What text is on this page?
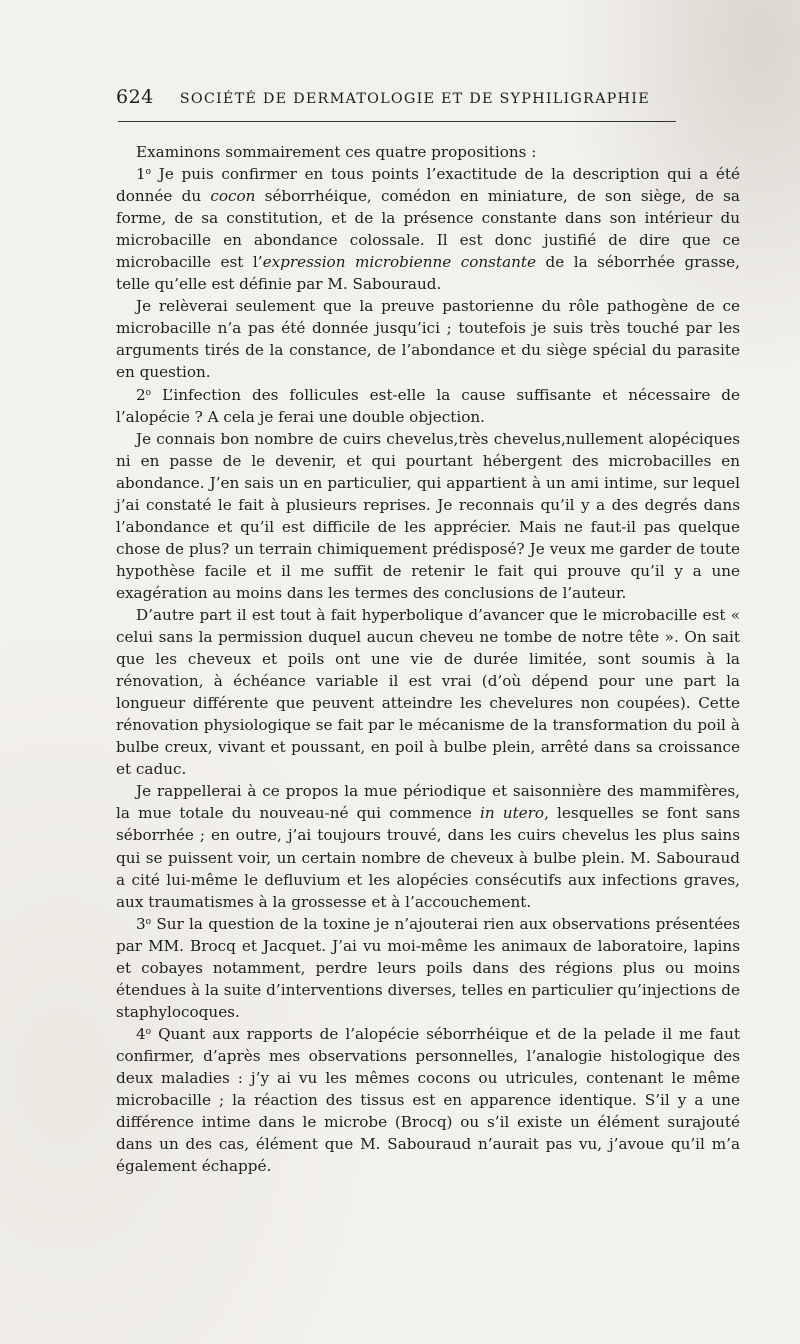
624 SOCIÉTÉ DE DERMATOLOGIE ET DE SYPHILIGRAPHIE

Examinons sommairement ces quatre propositions :

1$^o$ Je puis confirmer en tous points l’exactitude de la description qui a été donnée du cocon séborrhéique, comédon en miniature, de son siège, de sa forme, de sa constitution, et de la présence constante dans son intérieur du microbacille en abondance colossale. Il est donc justifié de dire que ce microbacille est l’expression microbienne constante de la séborrhée grasse, telle qu’elle est définie par M. Sabouraud.

Je relèverai seulement que la preuve pastorienne du rôle pathogène de ce microbacille n’a pas été donnée jusqu’ici ; toutefois je suis très touché par les arguments tirés de la constance, de l’abondance et du siège spécial du parasite en question.

2$^o$ L’infection des follicules est-elle la cause suffisante et nécessaire de l’alopécie ? A cela je ferai une double objection.

Je connais bon nombre de cuirs chevelus,très chevelus,nullement alopéciques ni en passe de le devenir, et qui pourtant hébergent des microbacilles en abondance. J’en sais un en particulier, qui appartient à un ami intime, sur lequel j’ai constaté le fait à plusieurs reprises. Je reconnais qu’il y a des degrés dans l’abondance et qu’il est difficile de les apprécier. Mais ne faut-il pas quelque chose de plus? un terrain chimiquement prédisposé? Je veux me garder de toute hypothèse facile et il me suffit de retenir le fait qui prouve qu’il y a une exagération au moins dans les termes des conclusions de l’auteur.

D’autre part il est tout à fait hyperbolique d’avancer que le microbacille est « celui sans la permission duquel aucun cheveu ne tombe de notre tête ». On sait que les cheveux et poils ont une vie de durée limitée, sont soumis à la rénovation, à échéance variable il est vrai (d’où dépend pour une part la longueur différente que peuvent atteindre les chevelures non coupées). Cette rénovation physiologique se fait par le mécanisme de la transformation du poil à bulbe creux, vivant et poussant, en poil à bulbe plein, arrêté dans sa croissance et caduc.

Je rappellerai à ce propos la mue périodique et saisonnière des mammifères, la mue totale du nouveau-né qui commence in utero, lesquelles se font sans séborrhée ; en outre, j’ai toujours trouvé, dans les cuirs chevelus les plus sains qui se puissent voir, un certain nombre de cheveux à bulbe plein. M. Sabouraud a cité lui-même le defluvium et les alopécies consécutifs aux infections graves, aux traumatismes à la grossesse et à l’accouchement.

3$^o$ Sur la question de la toxine je n’ajouterai rien aux observations présentées par MM. Brocq et Jacquet. J’ai vu moi-même les animaux de laboratoire, lapins et cobayes notamment, perdre leurs poils dans des régions plus ou moins étendues à la suite d’interventions diverses, telles en particulier qu’injections de staphylocoques.

4$^o$ Quant aux rapports de l’alopécie séborrhéique et de la pelade il me faut confirmer, d’après mes observations personnelles, l’analogie histologique des deux maladies : j’y ai vu les mêmes cocons ou utricules, contenant le même microbacille ; la réaction des tissus est en apparence identique. S’il y a une différence intime dans le microbe (Brocq) ou s’il existe un élément surajouté dans un des cas, élément que M. Sabouraud n’aurait pas vu, j’avoue qu’il m’a également échappé.
